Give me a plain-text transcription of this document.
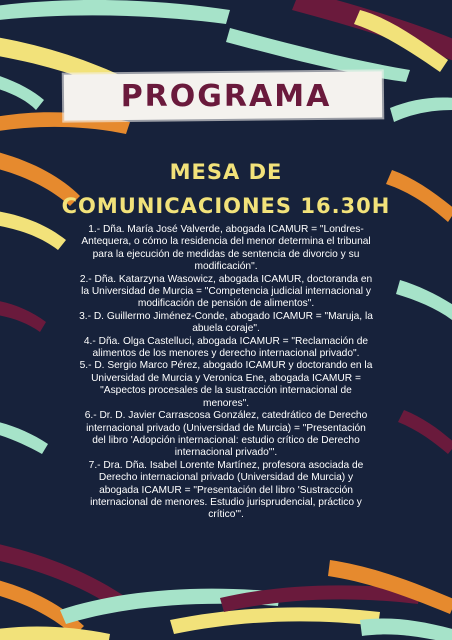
PROGRAMA
MESA DE
COMUNICACIONES 16.30H

1.- Dña. María José Valverde, abogada ICAMUR = "Londres-Antequera, o cómo la residencia del menor determina el tribunal para la ejecución de medidas de sentencia de divorcio y su modificación".

2.- Dña. Katarzyna Wasowicz, abogada ICAMUR, doctoranda en la Universidad de Murcia = "Competencia judicial internacional y modificación de pensión de alimentos".

3.- D. Guillermo Jiménez-Conde, abogado ICAMUR = "Maruja, la abuela coraje".

4.- Dña. Olga Castelluci, abogada ICAMUR = "Reclamación de alimentos de los menores y derecho internacional privado".

5.- D. Sergio Marco Pérez, abogado ICAMUR y doctorando en la Universidad de Murcia y Veronica Ene, abogada ICAMUR = "Aspectos procesales de la sustracción internacional de menores".

6.- Dr. D. Javier Carrascosa González, catedrático de Derecho internacional privado (Universidad de Murcia) = "Presentación del libro 'Adopción internacional: estudio crítico de Derecho internacional privado'".

7.- Dra. Dña. Isabel Lorente Martínez, profesora asociada de Derecho internacional privado (Universidad de Murcia) y abogada ICAMUR = "Presentación del libro 'Sustracción internacional de menores. Estudio jurisprudencial, práctico y crítico'".
